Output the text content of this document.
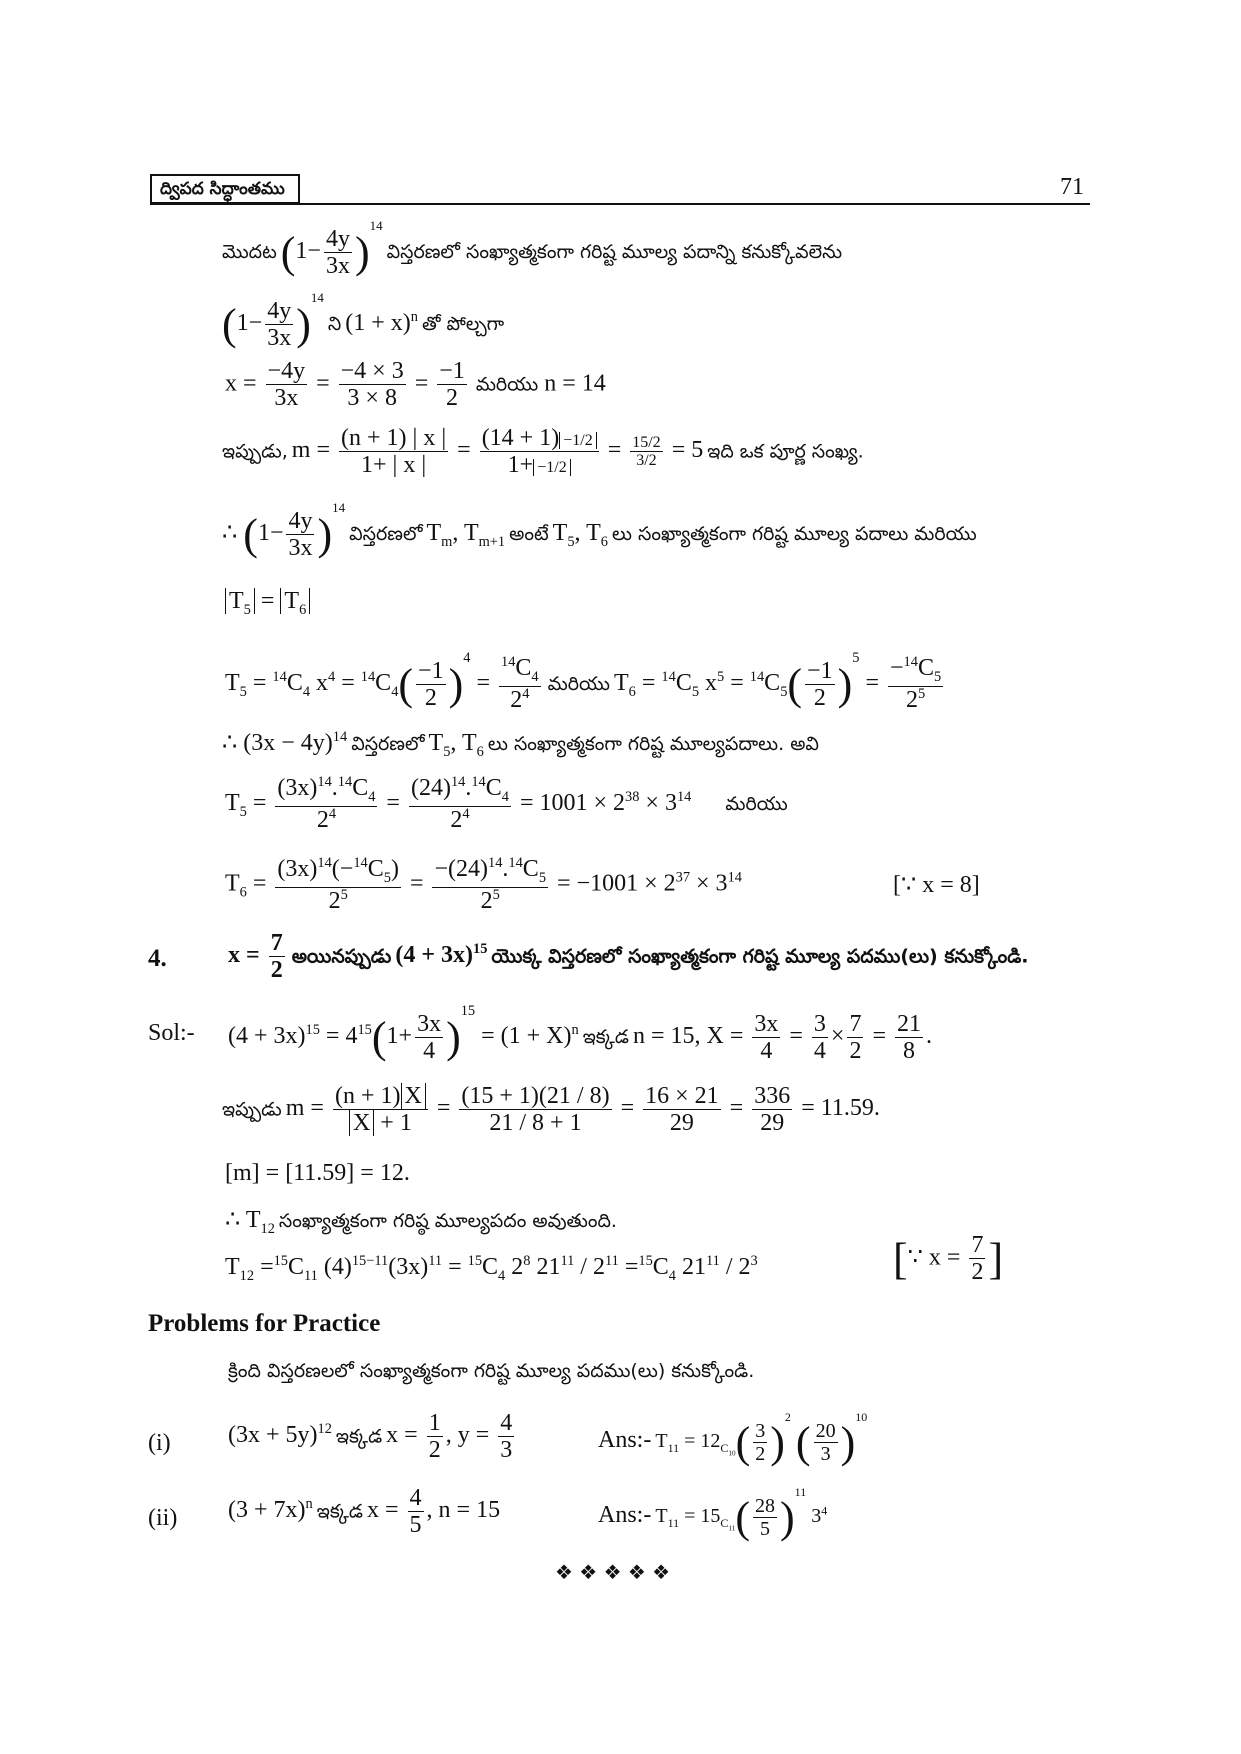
ద్విపద సిద్ధాంతము	71
మొదట $(1- \frac{4y}{3x} )^{14}$ విస్తరణలో సంఖ్యాత్మకంగా గరిష్ట మూల్య పదాన్ని కనుక్కోవలెను
$(1- \frac{4y}{3x} )^{14}$ ని $(1 + x)^n$ తో పోల్చగా
$x = \frac{-4y}{3x} = \frac{-4 \times 3}{3 \times 8} = \frac{-1}{2}$ మరియు n = 14
ఇప్పుడు, $m = \frac{(n + 1) | x |}{1+ | x |} = \frac{(14 + 1) -1/2}{1+ -1/2} = \frac{15/2}{3/2} = 5$ ఇది ఒక పూర్ణ సంఖ్య.
∴ $(1- \frac{4y}{3x} )^{14}$ విస్తరణలో $T_m$, $T_{m+1}$ అంటే $T_5$, $T_6$ లు సంఖ్యాత్మకంగా గరిష్ట మూల్య పదాలు మరియు
$T_5 = T_6$
$T_5 = ^{14}C_4$ $x^4 = ^{14}C_4( \frac{-1}{2} )^4 = \frac{^{14}C_4}{2^4}$ మరియు $T_6 = ^{14}C_5$ $x^5 = ^{14}C_5( \frac{-1}{2} )^5 = \frac{-^{14}C_5}{2^5}$
∴ $(3x - 4y)^{14}$ విస్తరణలో $T_5$, $T_6$ లు సంఖ్యాత్మకంగా గరిష్ట మూల్యపదాలు. అవి
$T_5 = \frac{(3x)^{14}.^{14}C_4}{2^4} = \frac{(24)^{14}.^{14}C_4}{2^4} = 1001 \times 2^{38} \times 3^{14}$ మరియు
$T_6 = \frac{(3x)^{14}(-^{14}C_5)}{2^5} = \frac{-(24)^{14}.^{14}C_5}{2^5} = -1001 \times 2^{37} \times 3^{14}$	[∵ x = 8]
4.	$x = \frac{7}{2}$ అయినప్పుడు $(4 + 3x)^{15}$ యొక్క విస్తరణలో సంఖ్యాత్మకంగా గరిష్ట మూల్య పదము(లు) కనుక్కోండి.
Sol:- $(4 + 3x)^{15} = 4^{15}(1+ \frac{3x}{4} )^{15} = (1 + X)^n$ ఇక్కడ n = 15, $X = \frac{3x}{4} = \frac{3}{4} \times \frac{7}{2} = \frac{21}{8}$ .
ఇప్పుడు $m = \frac{(n + 1) X}{X + 1} = \frac{(15 + 1)(21 / 8)}{21 / 8 + 1} = \frac{16 \times 21}{29} = \frac{336}{29} = 11.59$.
[m] = [11.59] = 12.
∴ $T_{12}$ సంఖ్యాత్మకంగా గరిష్ఠ మూల్యపదం అవుతుంది.
$T_{12} =^{15}C_{11}$ $(4)^{15-11}(3x)^{11} = ^{15}C_4$ $2^8$ $21^{11} / 2^{11} =^{15}C_4$ $21^{11} / 2^3$	[∵ $x = \frac{7}{2}$ ]
Problems for Practice
క్రింది విస్తరణలలో సంఖ్యాత్మకంగా గరిష్ట మూల్య పదము(లు) కనుక్కోండి.
(i) $(3x + 5y)^{12}$ ఇక్కడ $x = \frac{1}{2}$ , $y = \frac{4}{3}$	Ans:- $T_{11} = 12_{C_{10}}( \frac{3}{2} )^2$ ( $\frac{20}{3} )^{10}$
(ii) $(3 + 7x)^n$ ఇక్కడ $x = \frac{4}{5}$ , n = 15	Ans:- $T_{11} = 15_{C_{11}}( \frac{28}{5} )^{11}$ $3^4$
❖ ❖ ❖ ❖ ❖
